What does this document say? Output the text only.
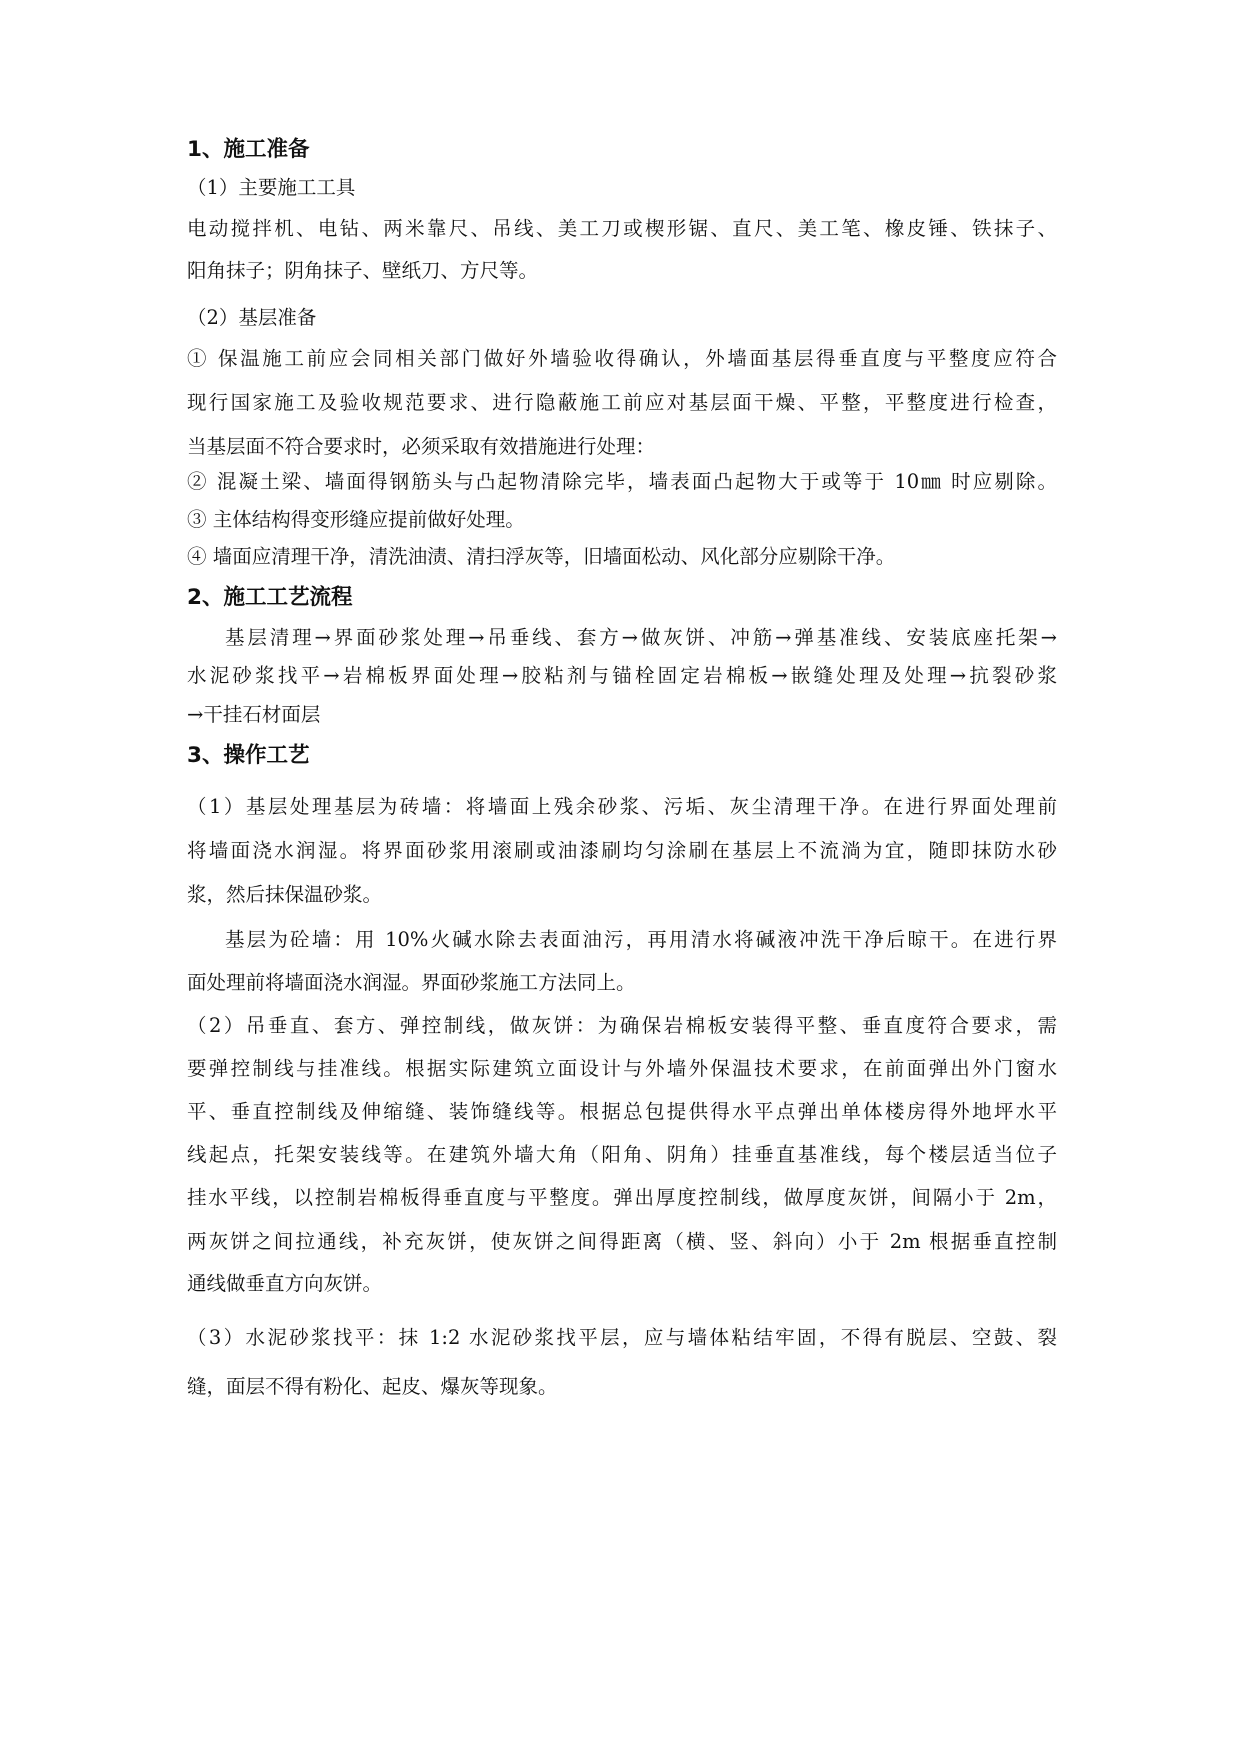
1、施工准备
（1）主要施工工具
电动搅拌机、电钻、两米靠尺、吊线、美工刀或楔形锯、直尺、美工笔、橡皮锤、铁抹子、
阳角抹子；阴角抹子、壁纸刀、方尺等。
（2）基层准备
① 保温施工前应会同相关部门做好外墙验收得确认，外墙面基层得垂直度与平整度应符合
现行国家施工及验收规范要求、进行隐蔽施工前应对基层面干燥、平整，平整度进行检查，
当基层面不符合要求时，必须采取有效措施进行处理：
② 混凝土梁、墙面得钢筋头与凸起物清除完毕，墙表面凸起物大于或等于 10㎜ 时应剔除。
③ 主体结构得变形缝应提前做好处理。
④ 墙面应清理干净，清洗油渍、清扫浮灰等，旧墙面松动、风化部分应剔除干净。
2、施工工艺流程
基层清理→界面砂浆处理→吊垂线、套方→做灰饼、冲筋→弹基准线、安装底座托架→
水泥砂浆找平→岩棉板界面处理→胶粘剂与锚栓固定岩棉板→嵌缝处理及处理→抗裂砂浆
→干挂石材面层
3、操作工艺
（1）基层处理基层为砖墙：将墙面上残余砂浆、污垢、灰尘清理干净。在进行界面处理前
将墙面浇水润湿。将界面砂浆用滚刷或油漆刷均匀涂刷在基层上不流淌为宜，随即抹防水砂
浆，然后抹保温砂浆。
基层为砼墙：用 10%火碱水除去表面油污，再用清水将碱液冲洗干净后晾干。在进行界
面处理前将墙面浇水润湿。界面砂浆施工方法同上。
（2）吊垂直、套方、弹控制线，做灰饼：为确保岩棉板安装得平整、垂直度符合要求，需
要弹控制线与挂准线。根据实际建筑立面设计与外墙外保温技术要求，在前面弹出外门窗水
平、垂直控制线及伸缩缝、装饰缝线等。根据总包提供得水平点弹出单体楼房得外地坪水平
线起点，托架安装线等。在建筑外墙大角（阳角、阴角）挂垂直基准线，每个楼层适当位子
挂水平线，以控制岩棉板得垂直度与平整度。弹出厚度控制线，做厚度灰饼，间隔小于 2m，
两灰饼之间拉通线，补充灰饼，使灰饼之间得距离（横、竖、斜向）小于 2m 根据垂直控制
通线做垂直方向灰饼。
（3）水泥砂浆找平：抹 1:2 水泥砂浆找平层，应与墙体粘结牢固，不得有脱层、空鼓、裂
缝，面层不得有粉化、起皮、爆灰等现象。
